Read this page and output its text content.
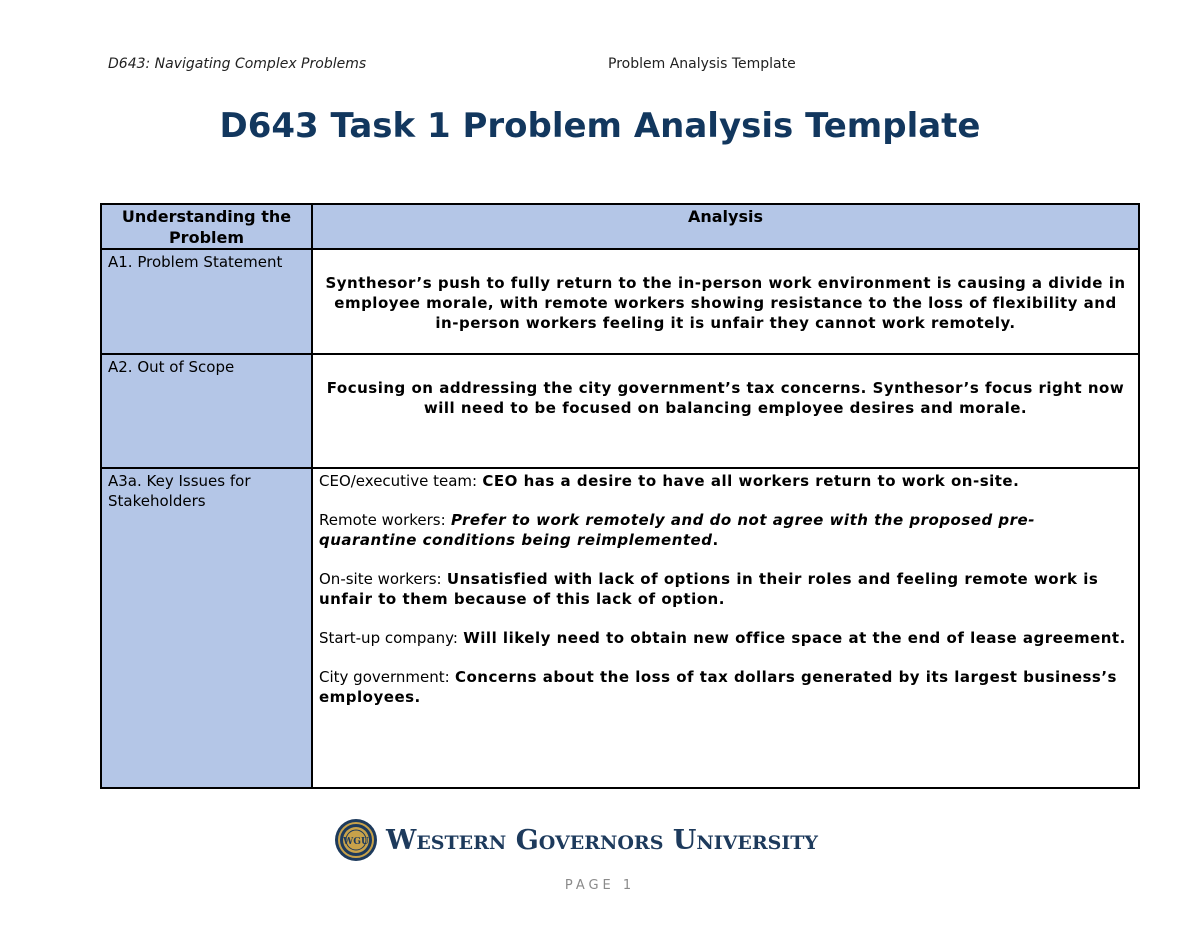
D643: Navigating Complex Problems	Problem Analysis Template
D643 Task 1 Problem Analysis Template
Understanding the Problem	Analysis
A1. Problem Statement	Synthesor’s push to fully return to the in-person work environment is causing a divide in employee morale, with remote workers showing resistance to the loss of flexibility and in-person workers feeling it is unfair they cannot work remotely.

A2. Out of Scope	Focusing on addressing the city government’s tax concerns. Synthesor’s focus right now will need to be focused on balancing employee desires and morale.

A3a. Key Issues for Stakeholders	CEO/executive team: CEO has a desire to have all workers return to work on-site.

Remote workers: Prefer to work remotely and do not agree with the proposed pre-quarantine conditions being reimplemented.

On-site workers: Unsatisfied with lack of options in their roles and feeling remote work is unfair to them because of this lack of option.

Start-up company: Will likely need to obtain new office space at the end of lease agreement.

City government: Concerns about the loss of tax dollars generated by its largest business’s employees.

WGU Western Governors University
PAGE 1
